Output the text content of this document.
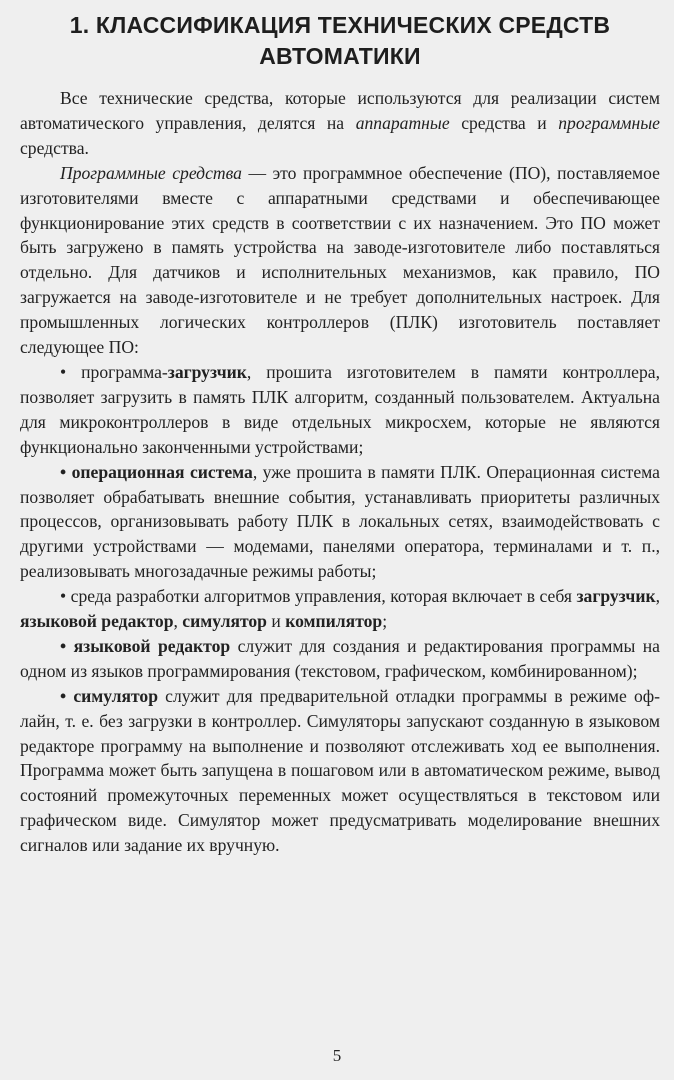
1. КЛАССИФИКАЦИЯ ТЕХНИЧЕСКИХ СРЕДСТВ АВТОМАТИКИ

Все технические средства, которые используются для реализации систем автоматического управления, делятся на аппаратные средства и программные средства.

Программные средства — это программное обеспечение (ПО), поставляемое изготовителями вместе с аппаратными средствами и обеспечивающее функционирование этих средств в соответствии с их назначением. Это ПО может быть загружено в память устройства на заводе-изготовителе либо поставляться отдельно. Для датчиков и исполнительных механизмов, как правило, ПО загружается на заводе-изготовителе и не требует дополнительных настроек. Для промышленных логических контроллеров (ПЛК) изготовитель поставляет следующее ПО:

• программа-загрузчик, прошита изготовителем в памяти контроллера, позволяет загрузить в память ПЛК алгоритм, созданный пользователем. Актуальна для микроконтроллеров в виде отдельных микросхем, которые не являются функционально законченными устройствами;

• операционная система, уже прошита в памяти ПЛК. Операционная система позволяет обрабатывать внешние события, устанавливать приоритеты различных процессов, организовывать работу ПЛК в локальных сетях, взаимодействовать с другими устройствами — модемами, панелями оператора, терминалами и т. п., реализовывать многозадачные режимы работы;

• среда разработки алгоритмов управления, которая включает в себя загрузчик, языковой редактор, симулятор и компилятор;

• языковой редактор служит для создания и редактирования программы на одном из языков программирования (текстовом, графическом, комбинированном);

• симулятор служит для предварительной отладки программы в режиме оф-лайн, т. е. без загрузки в контроллер. Симуляторы запускают созданную в языковом редакторе программу на выполнение и позволяют отслеживать ход ее выполнения. Программа может быть запущена в пошаговом или в автоматическом режиме, вывод состояний промежуточных переменных может осуществляться в текстовом или графическом виде. Симулятор может предусматривать моделирование внешних сигналов или задание их вручную.

5
